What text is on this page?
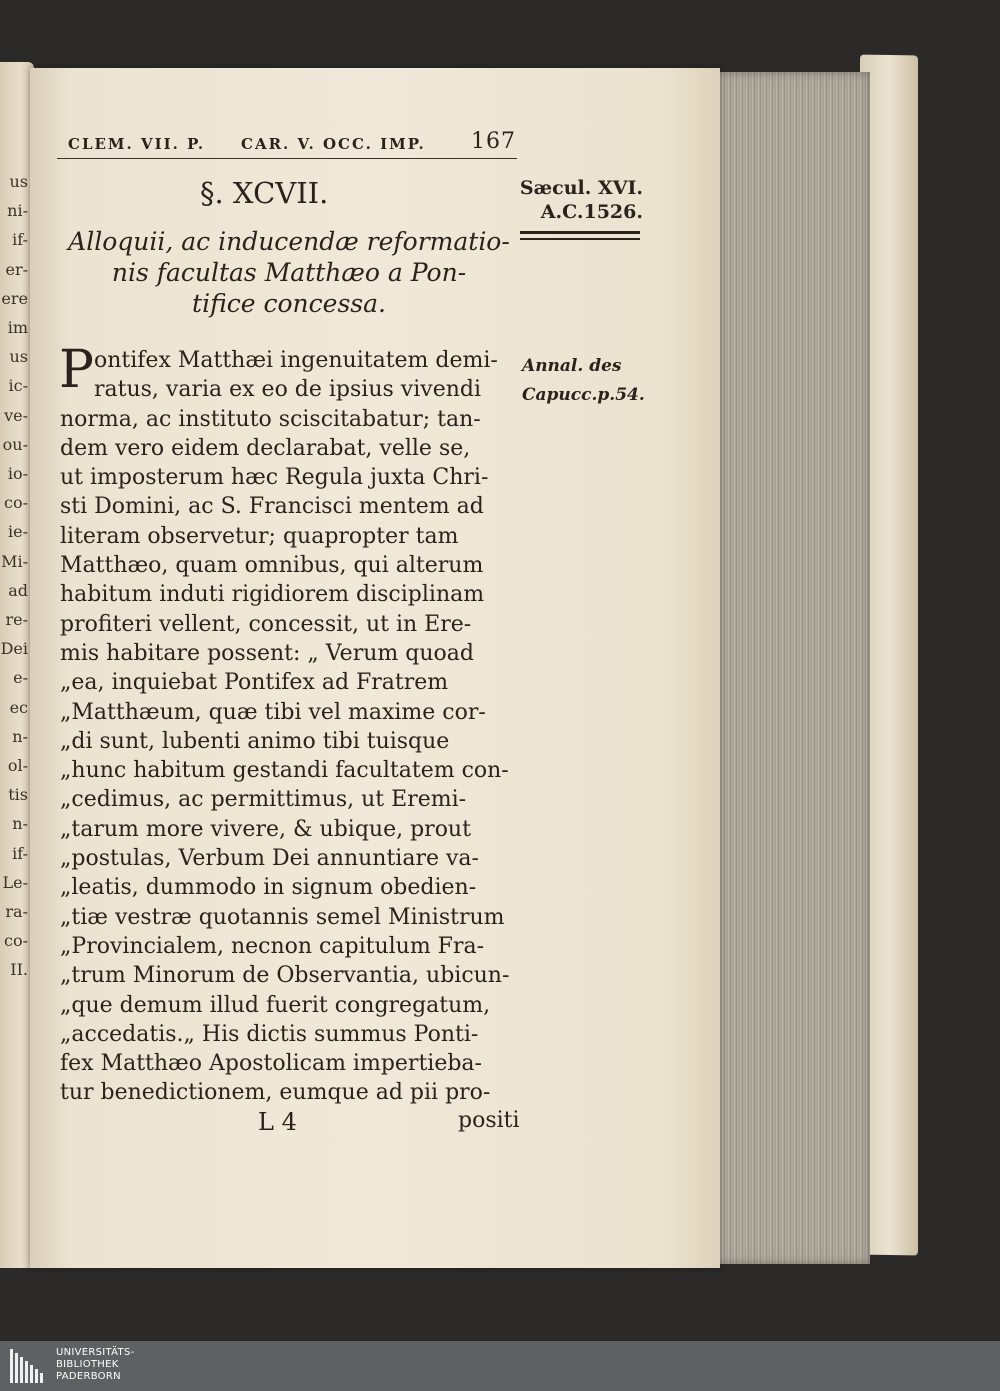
us
ni-
if-
er-
ere
im
us
ic-
ve-
ou-
io-
co-
ie-
Mi-
ad
re-
Dei
e-
ec
n-
ol-
tis
n-
if-
Le-
ra-
co-
II.
CLEM. VII. P. CAR. V. OCC. IMP. 167
§. XCVII.	Sæcul. XVI.
A.C.1526.
Alloquii, ac inducendæ reformatio-
nis facultas Matthæo a Pon-
tifice concessa.
P ontifex Matthæi ingenuitatem demi-
ratus, varia ex eo de ipsius vivendi
norma, ac instituto sciscitabatur; tan-
dem vero eidem declarabat, velle se,
ut imposterum hæc Regula juxta Chri-
sti Domini, ac S. Francisci mentem ad
literam observetur; quapropter tam
Matthæo, quam omnibus, qui alterum
habitum induti rigidiorem disciplinam
profiteri vellent, concessit, ut in Ere-
mis habitare possent: „ Verum quoad
„ea, inquiebat Pontifex ad Fratrem
„Matthæum, quæ tibi vel maxime cor-
„di sunt, lubenti animo tibi tuisque
„hunc habitum gestandi facultatem con-
„cedimus, ac permittimus, ut Eremi-
„tarum more vivere, & ubique, prout
„postulas, Verbum Dei annuntiare va-
„leatis, dummodo in signum obedien-
„tiæ vestræ quotannis semel Ministrum
„Provincialem, necnon capitulum Fra-
„trum Minorum de Observantia, ubicun-
„que demum illud fuerit congregatum,
„accedatis.„ His dictis summus Ponti-
fex Matthæo Apostolicam impertieba-
tur benedictionem, eumque ad pii pro-
Annal. des
Capucc.p.54.
L 4	positi
UNIVERSITÄTS-
BIBLIOTHEK
PADERBORN
